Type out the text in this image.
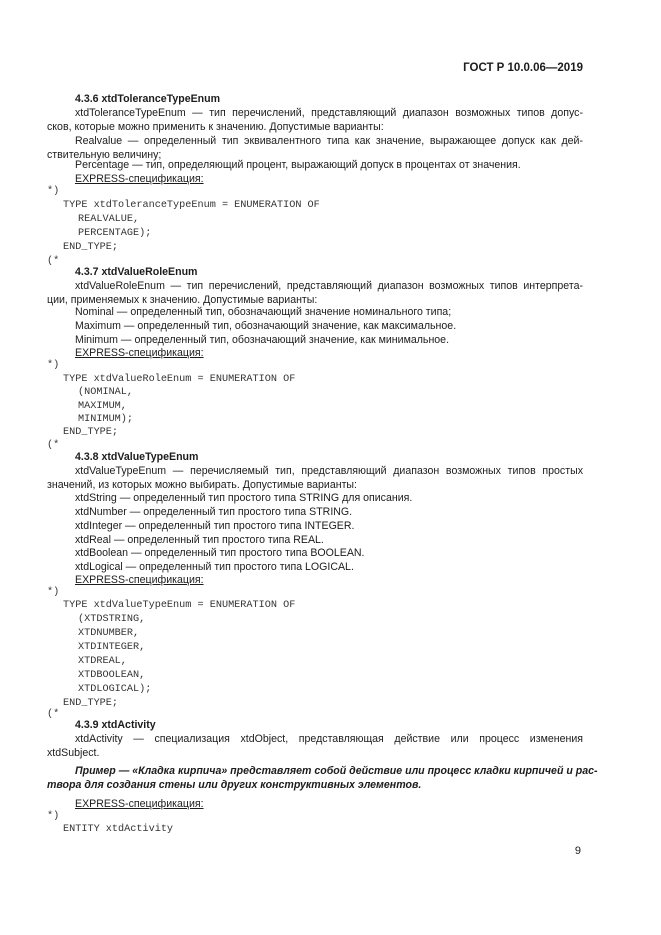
ГОСТ Р 10.0.06—2019
4.3.6 xtdToleranceTypeEnum
xtdToleranceTypeEnum — тип перечислений, представляющий диапазон возможных типов допус-
сков, которые можно применить к значению. Допустимые варианты:
Realvalue — определенный тип эквивалентного типа как значение, выражающее допуск как дей-
ствительную величину;
Percentage — тип, определяющий процент, выражающий допуск в процентах от значения.
EXPRESS-спецификация:
*)
TYPE xtdToleranceTypeEnum = ENUMERATION OF
REALVALUE,
PERCENTAGE);
END_TYPE;
(*
4.3.7 xtdValueRoleEnum
xtdValueRoleEnum — тип перечислений, представляющий диапазон возможных типов интерпрета-
ции, применяемых к значению. Допустимые варианты:
Nominal — определенный тип, обозначающий значение номинального типа;
Maximum — определенный тип, обозначающий значение, как максимальное.
Minimum — определенный тип, обозначающий значение, как минимальное.
EXPRESS-спецификация:
*)
TYPE xtdValueRoleEnum = ENUMERATION OF
(NOMINAL,
MAXIMUM,
MINIMUM);
END_TYPE;
(*
4.3.8 xtdValueTypeEnum
xtdValueTypeEnum — перечисляемый тип, представляющий диапазон возможных типов простых
значений, из которых можно выбирать. Допустимые варианты:
xtdString — определенный тип простого типа STRING для описания.
xtdNumber — определенный тип простого типа STRING.
xtdInteger — определенный тип простого типа INTEGER.
xtdReal — определенный тип простого типа REAL.
xtdBoolean — определенный тип простого типа BOOLEAN.
xtdLogical — определенный тип простого типа LOGICAL.
EXPRESS-спецификация:
*)
TYPE xtdValueTypeEnum = ENUMERATION OF
(XTDSTRING,
XTDNUMBER,
XTDINTEGER,
XTDREAL,
XTDBOOLEAN,
XTDLOGICAL);
END_TYPE;
(*
4.3.9 xtdActivity
xtdActivity — специализация xtdObject, представляющая действие или процесс изменения
xtdSubject.
Пример — «Кладка кирпича» представляет собой действие или процесс кладки кирпичей и рас-
твора для создания стены или других конструктивных элементов.
EXPRESS-спецификация:
*)
ENTITY xtdActivity
9
